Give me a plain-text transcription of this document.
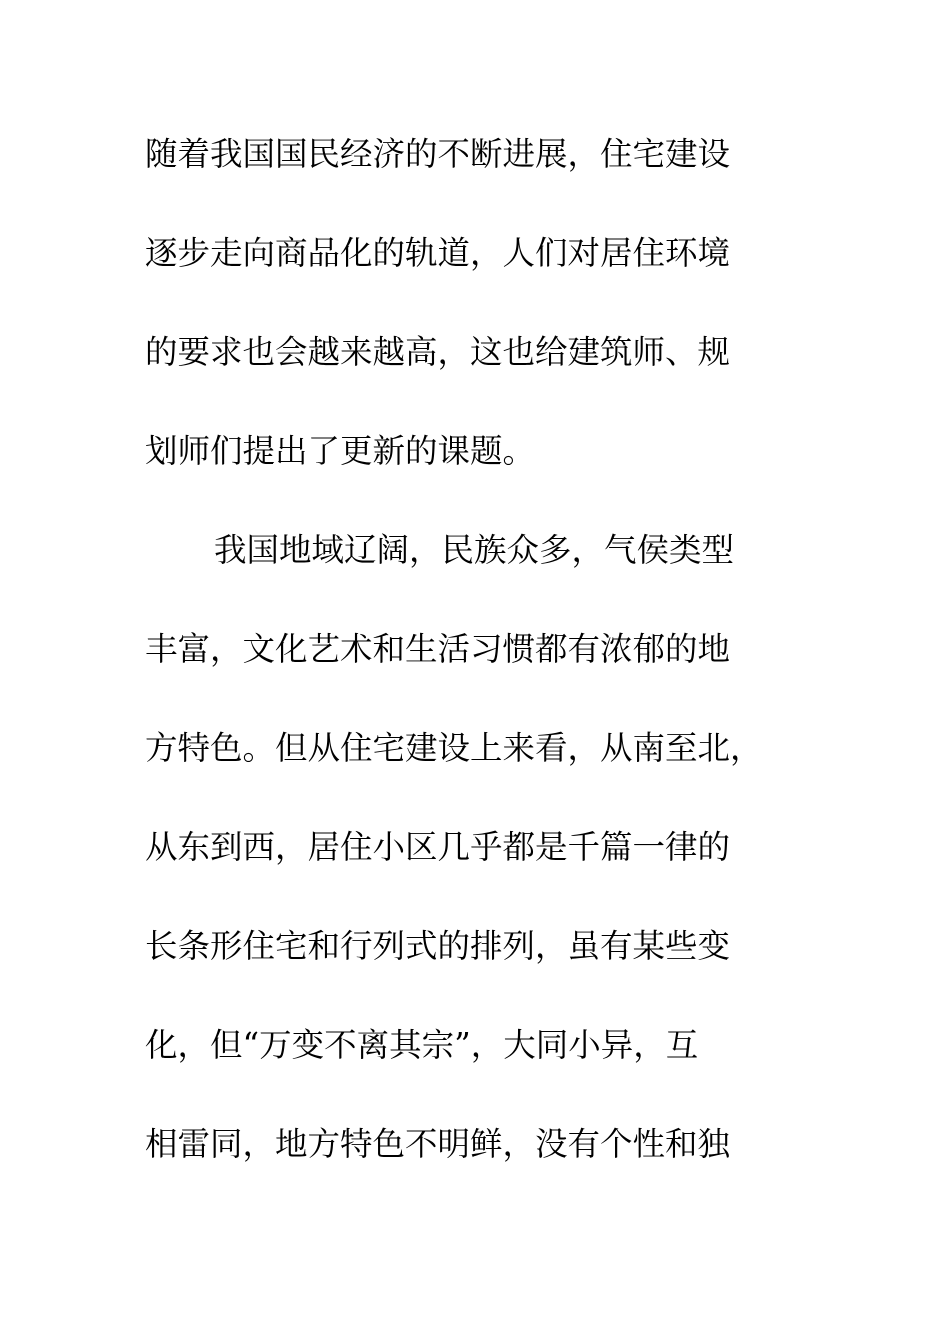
随着我国国民经济的不断进展，住宅建设
逐步走向商品化的轨道，人们对居住环境
的要求也会越来越高，这也给建筑师、规
划师们提出了更新的课题。
我国地域辽阔，民族众多，气侯类型
丰富，文化艺术和生活习惯都有浓郁的地
方特色。但从住宅建设上来看，从南至北，
从东到西，居住小区几乎都是千篇一律的
长条形住宅和行列式的排列，虽有某些变
化，但“万变不离其宗”，大同小异，互
相雷同，地方特色不明鲜，没有个性和独
